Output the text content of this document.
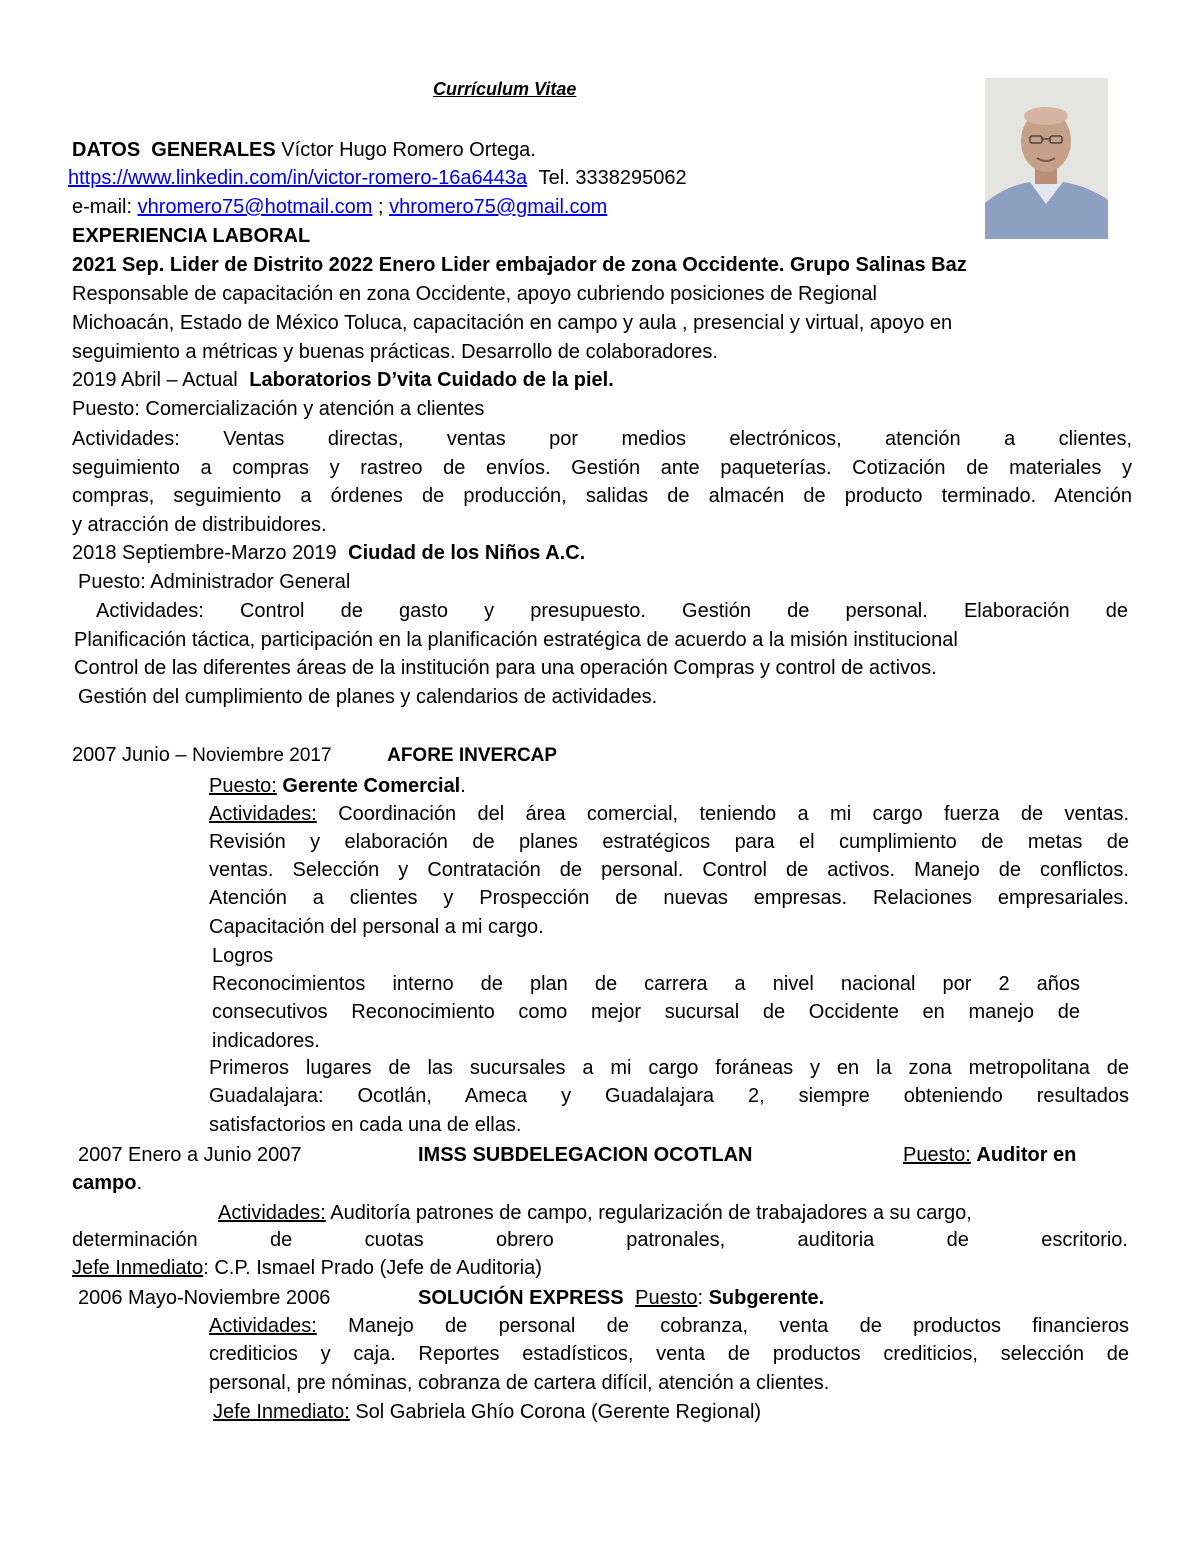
Currículum Vitae
DATOS  GENERALES Víctor Hugo Romero Ortega.
https://www.linkedin.com/in/victor-romero-16a6443a Tel. 3338295062
e-mail: vhromero75@hotmail.com ; vhromero75@gmail.com
EXPERIENCIA LABORAL
2021 Sep. Lider de Distrito 2022 Enero Lider embajador de zona Occidente. Grupo Salinas Baz
Responsable de capacitación en zona Occidente, apoyo cubriendo posiciones de Regional
Michoacán, Estado de México Toluca, capacitación en campo y aula , presencial y virtual, apoyo en
seguimiento a métricas y buenas prácticas. Desarrollo de colaboradores.
2019 Abril – Actual Laboratorios D’vita Cuidado de la piel.
Puesto: Comercialización y atención a clientes
Actividades: Ventas directas, ventas por medios electrónicos, atención a clientes,
seguimiento a compras y rastreo de envíos. Gestión ante paqueterías. Cotización de materiales y
compras, seguimiento a órdenes de producción, salidas de almacén de producto terminado. Atención
y atracción de distribuidores.
2018 Septiembre-Marzo 2019 Ciudad de los Niños A.C.
Puesto: Administrador General
Actividades: Control de gasto y presupuesto. Gestión de personal. Elaboración de
Planificación táctica, participación en la planificación estratégica de acuerdo a la misión institucional
Control de las diferentes áreas de la institución para una operación Compras y control de activos.
Gestión del cumplimiento de planes y calendarios de actividades.
2007 Junio – Noviembre 2017	AFORE INVERCAP
Puesto: Gerente Comercial.
Actividades: Coordinación del área comercial, teniendo a mi cargo fuerza de ventas.
Revisión y elaboración de planes estratégicos para el cumplimiento de metas de
ventas. Selección y Contratación de personal. Control de activos. Manejo de conflictos.
Atención a clientes y Prospección de nuevas empresas. Relaciones empresariales.
Capacitación del personal a mi cargo.
Logros
Reconocimientos interno de plan de carrera a nivel nacional por 2 años
consecutivos Reconocimiento como mejor sucursal de Occidente en manejo de
indicadores.
Primeros lugares de las sucursales a mi cargo foráneas y en la zona metropolitana de
Guadalajara: Ocotlán, Ameca y Guadalajara 2, siempre obteniendo resultados
satisfactorios en cada una de ellas.
2007 Enero a Junio 2007	IMSS SUBDELEGACION OCOTLAN	Puesto: Auditor en
campo.
Actividades: Auditoría patrones de campo, regularización de trabajadores a su cargo,
determinación de cuotas obrero patronales, auditoria de escritorio.
Jefe Inmediato: C.P. Ismael Prado (Jefe de Auditoria)
2006 Mayo-Noviembre 2006	SOLUCIÓN EXPRESS Puesto: Subgerente.
Actividades: Manejo de personal de cobranza, venta de productos financieros
crediticios y caja. Reportes estadísticos, venta de productos crediticios, selección de
personal, pre nóminas, cobranza de cartera difícil, atención a clientes.
Jefe Inmediato: Sol Gabriela Ghío Corona (Gerente Regional)
